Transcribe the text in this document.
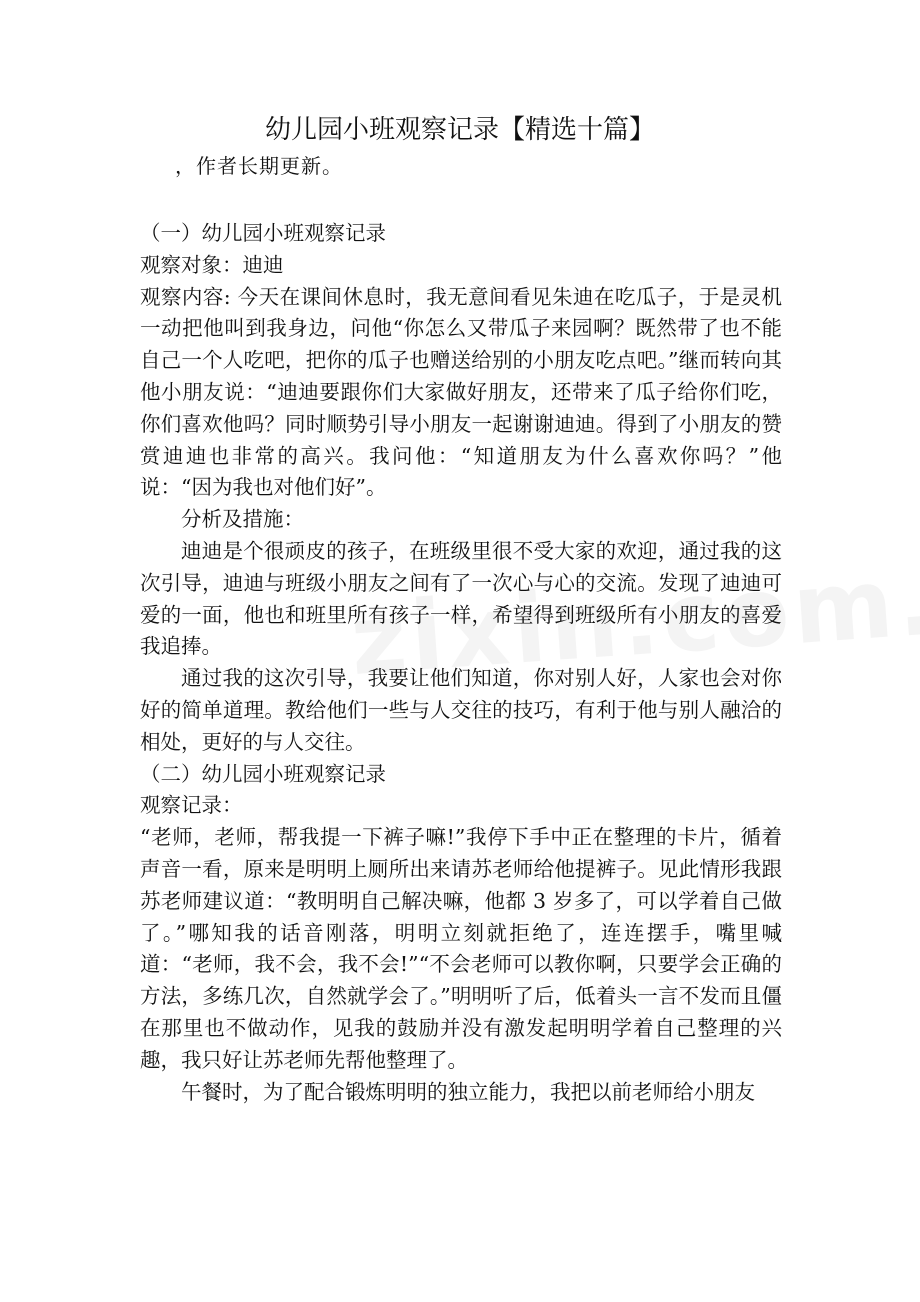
幼儿园小班观察记录【精选十篇】
，作者长期更新。

（一）幼儿园小班观察记录

观察对象：迪迪

观察内容: 今天在课间休息时，我无意间看见朱迪在吃瓜子，于是灵机一动把他叫到我身边，问他“你怎么又带瓜子来园啊？既然带了也不能自己一个人吃吧，把你的瓜子也赠送给别的小朋友吃点吧。”继而转向其他小朋友说：“迪迪要跟你们大家做好朋友，还带来了瓜子给你们吃，你们喜欢他吗？同时顺势引导小朋友一起谢谢迪迪。得到了小朋友的赞赏迪迪也非常的高兴。我问他：“知道朋友为什么喜欢你吗？”他说：“因为我也对他们好”。

分析及措施：

迪迪是个很顽皮的孩子，在班级里很不受大家的欢迎，通过我的这次引导，迪迪与班级小朋友之间有了一次心与心的交流。发现了迪迪可爱的一面，他也和班里所有孩子一样，希望得到班级所有小朋友的喜爱我追捧。

通过我的这次引导，我要让他们知道，你对别人好，人家也会对你好的简单道理。教给他们一些与人交往的技巧，有利于他与别人融洽的相处，更好的与人交往。

（二）幼儿园小班观察记录

观察记录：

“老师，老师，帮我提一下裤子嘛!”我停下手中正在整理的卡片，循着声音一看，原来是明明上厕所出来请苏老师给他提裤子。见此情形我跟苏老师建议道：“教明明自己解决嘛，他都 3 岁多了，可以学着自己做了。”哪知我的话音刚落，明明立刻就拒绝了，连连摆手，嘴里喊道：“老师，我不会，我不会!”“不会老师可以教你啊，只要学会正确的方法，多练几次，自然就学会了。”明明听了后，低着头一言不发而且僵在那里也不做动作，见我的鼓励并没有激发起明明学着自己整理的兴趣，我只好让苏老师先帮他整理了。

午餐时，为了配合锻炼明明的独立能力，我把以前老师给小朋友
